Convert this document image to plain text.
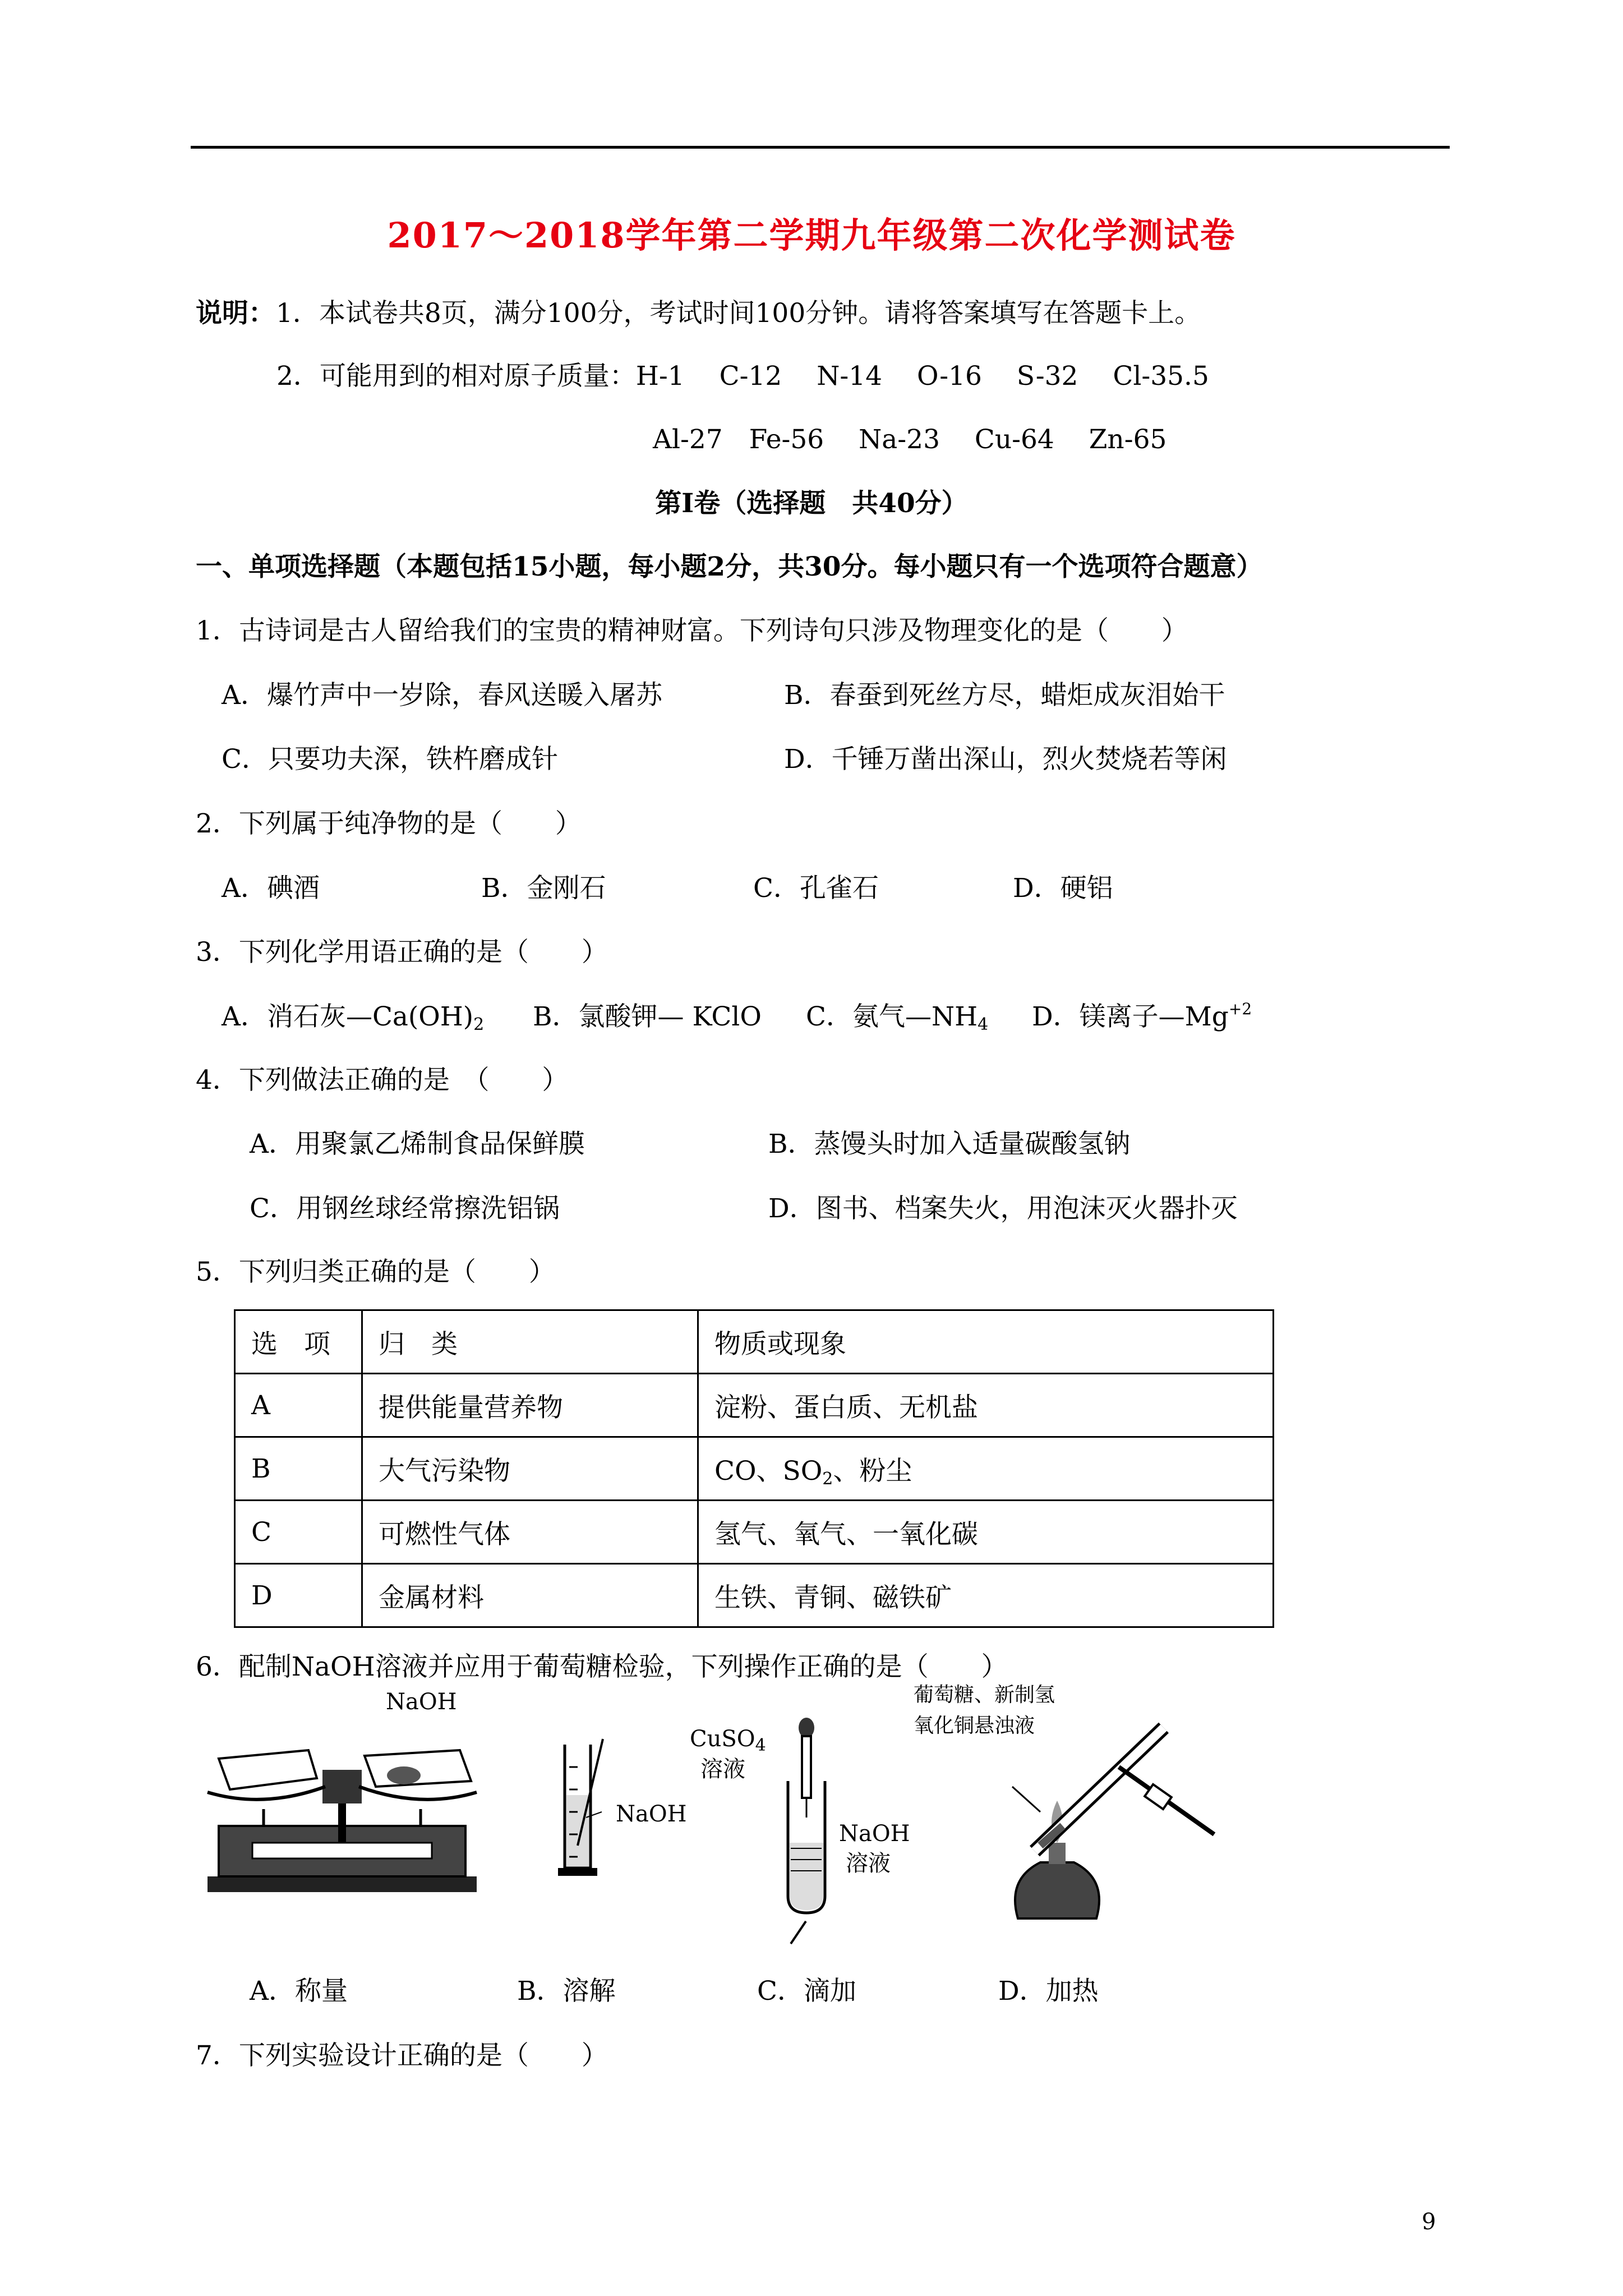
2017～2018学年第二学期九年级第二次化学测试卷
说明： 1．本试卷共8页，满分100分，考试时间100分钟。请将答案填写在答题卡上。
2．可能用到的相对原子质量：H-1　 C-12　 N-14　 O-16　 S-32　 Cl-35.5
Al-27　Fe-56　 Na-23　 Cu-64　 Zn-65
第Ⅰ卷（选择题　共40分）
一、单项选择题（本题包括15小题，每小题2分，共30分。每小题只有一个选项符合题意）
1．古诗词是古人留给我们的宝贵的精神财富。下列诗句只涉及物理变化的是（　　）
A．爆竹声中一岁除，春风送暖入屠苏	B．春蚕到死丝方尽，蜡炬成灰泪始干
C．只要功夫深，铁杵磨成针	D．千锤万凿出深山，烈火焚烧若等闲
2．下列属于纯净物的是（　　）
A．碘酒	B．金刚石	C．孔雀石	D．硬铝
3．下列化学用语正确的是（　　）
A．消石灰$—Ca(OH)_2$ B．氯酸钾— KClO C．氨气$—NH_4$ D．镁离子$—Mg^{+2}$
4．下列做法正确的是　（　　）
A．用聚氯乙烯制食品保鲜膜	B．蒸馒头时加入适量碳酸氢钠
C．用钢丝球经常擦洗铝锅	D．图书、档案失火，用泡沫灭火器扑灭
5．下列归类正确的是（　　）
选　项	归　类	物质或现象
A	提供能量营养物	淀粉、蛋白质、无机盐
B	大气污染物	CO、$SO_2$、粉尘
C	可燃性气体	氢气、氧气、一氧化碳
D	金属材料	生铁、青铜、磁铁矿
6．配制NaOH溶液并应用于葡萄糖检验，下列操作正确的是（　　）
NaOH
NaOH
CuSO$_4$
溶液
NaOH
溶液
葡萄糖、新制氢
氧化铜悬浊液
A．称量	B．溶解	C．滴加	D．加热
7．下列实验设计正确的是（　　）
9
